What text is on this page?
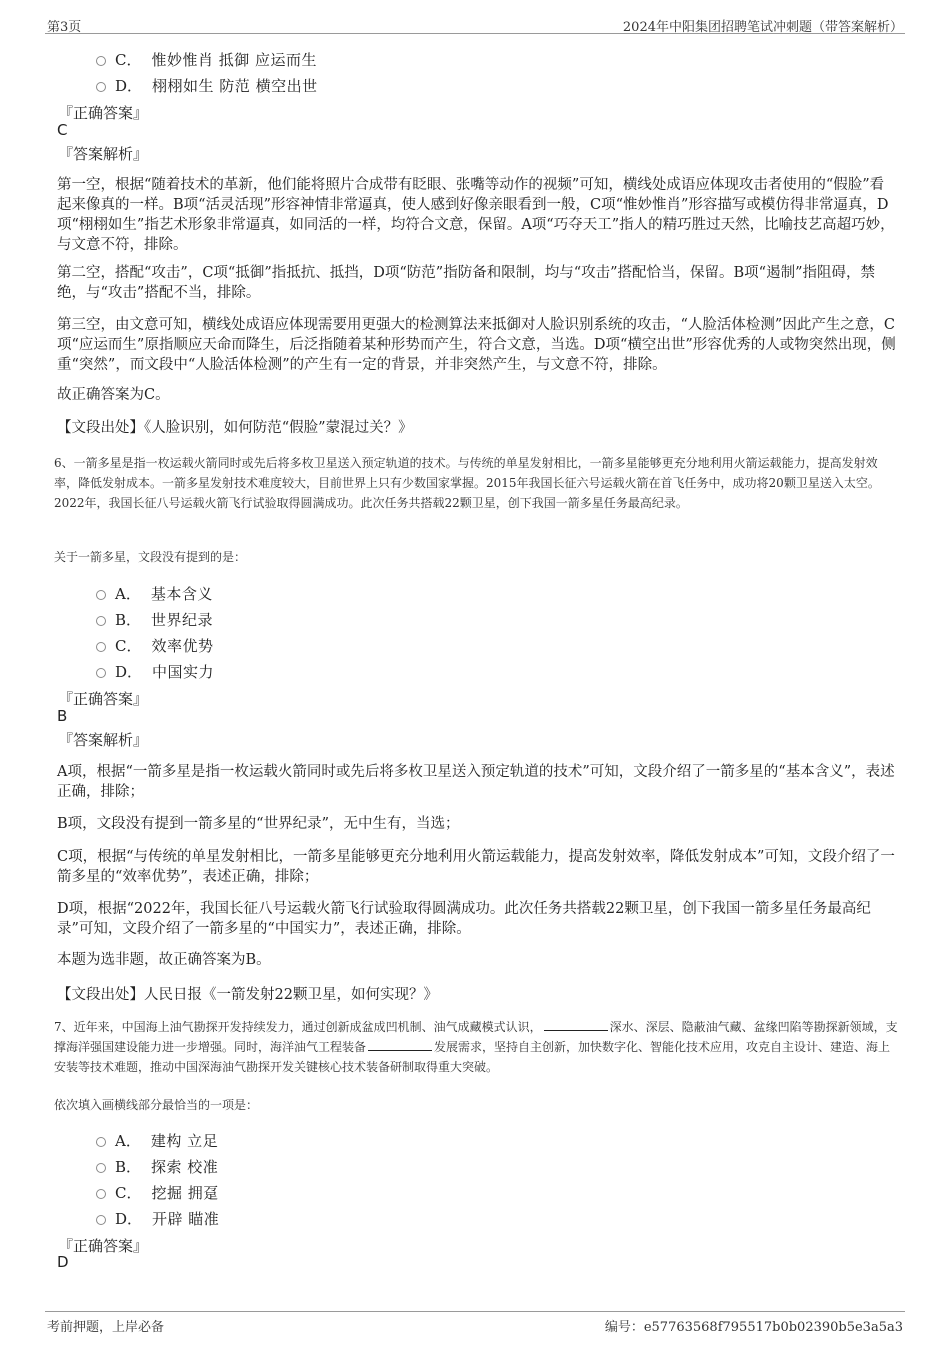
第3页	2024年中阳集团招聘笔试冲刺题（带答案解析）
C． 惟妙惟肖 抵御 应运而生
D． 栩栩如生 防范 横空出世
『正确答案』
C
『答案解析』
第一空，根据“随着技术的革新，他们能将照片合成带有眨眼、张嘴等动作的视频”可知，横线处成语应体现攻击者使用的“假脸”看起来像真的一样。B项“活灵活现”形容神情非常逼真，使人感到好像亲眼看到一般，C项“惟妙惟肖”形容描写或模仿得非常逼真，D项“栩栩如生”指艺术形象非常逼真，如同活的一样，均符合文意，保留。A项“巧夺天工”指人的精巧胜过天然，比喻技艺高超巧妙，与文意不符，排除。
第二空，搭配“攻击”，C项“抵御”指抵抗、抵挡，D项“防范”指防备和限制，均与“攻击”搭配恰当，保留。B项“遏制”指阻碍，禁绝，与“攻击”搭配不当，排除。
第三空，由文意可知，横线处成语应体现需要用更强大的检测算法来抵御对人脸识别系统的攻击，“人脸活体检测”因此产生之意，C项“应运而生”原指顺应天命而降生，后泛指随着某种形势而产生，符合文意，当选。D项“横空出世”形容优秀的人或物突然出现，侧重“突然”，而文段中“人脸活体检测”的产生有一定的背景，并非突然产生，与文意不符，排除。
故正确答案为C。
【文段出处】《人脸识别，如何防范“假脸”蒙混过关？》
6、一箭多星是指一枚运载火箭同时或先后将多枚卫星送入预定轨道的技术。与传统的单星发射相比，一箭多星能够更充分地利用火箭运载能力，提高发射效率，降低发射成本。一箭多星发射技术难度较大，目前世界上只有少数国家掌握。2015年我国长征六号运载火箭在首飞任务中，成功将20颗卫星送入太空。2022年，我国长征八号运载火箭飞行试验取得圆满成功。此次任务共搭载22颗卫星，创下我国一箭多星任务最高纪录。
关于一箭多星，文段没有提到的是：
A． 基本含义
B． 世界纪录
C． 效率优势
D． 中国实力
『正确答案』
B
『答案解析』
A项，根据“一箭多星是指一枚运载火箭同时或先后将多枚卫星送入预定轨道的技术”可知，文段介绍了一箭多星的“基本含义”，表述正确，排除；
B项，文段没有提到一箭多星的“世界纪录”，无中生有，当选；
C项，根据“与传统的单星发射相比，一箭多星能够更充分地利用火箭运载能力，提高发射效率，降低发射成本”可知，文段介绍了一箭多星的“效率优势”，表述正确，排除；
D项，根据“2022年，我国长征八号运载火箭飞行试验取得圆满成功。此次任务共搭载22颗卫星，创下我国一箭多星任务最高纪录”可知，文段介绍了一箭多星的“中国实力”，表述正确，排除。
本题为选非题，故正确答案为B。
【文段出处】人民日报《一箭发射22颗卫星，如何实现？》
7、近年来，中国海上油气勘探开发持续发力，通过创新成盆成凹机制、油气成藏模式认识，	深水、深层、隐蔽油气藏、盆缘凹陷等勘探新领域，支撑海洋强国建设能力进一步增强。同时，海洋油气工程装备	发展需求，坚持自主创新，加快数字化、智能化技术应用，攻克自主设计、建造、海上安装等技术难题，推动中国深海油气勘探开发关键核心技术装备研制取得重大突破。
依次填入画横线部分最恰当的一项是：
A． 建构 立足
B． 探索 校准
C． 挖掘 拥趸
D． 开辟 瞄准
『正确答案』
D
考前押题，上岸必备	编号：e57763568f795517b0b02390b5e3a5a3
